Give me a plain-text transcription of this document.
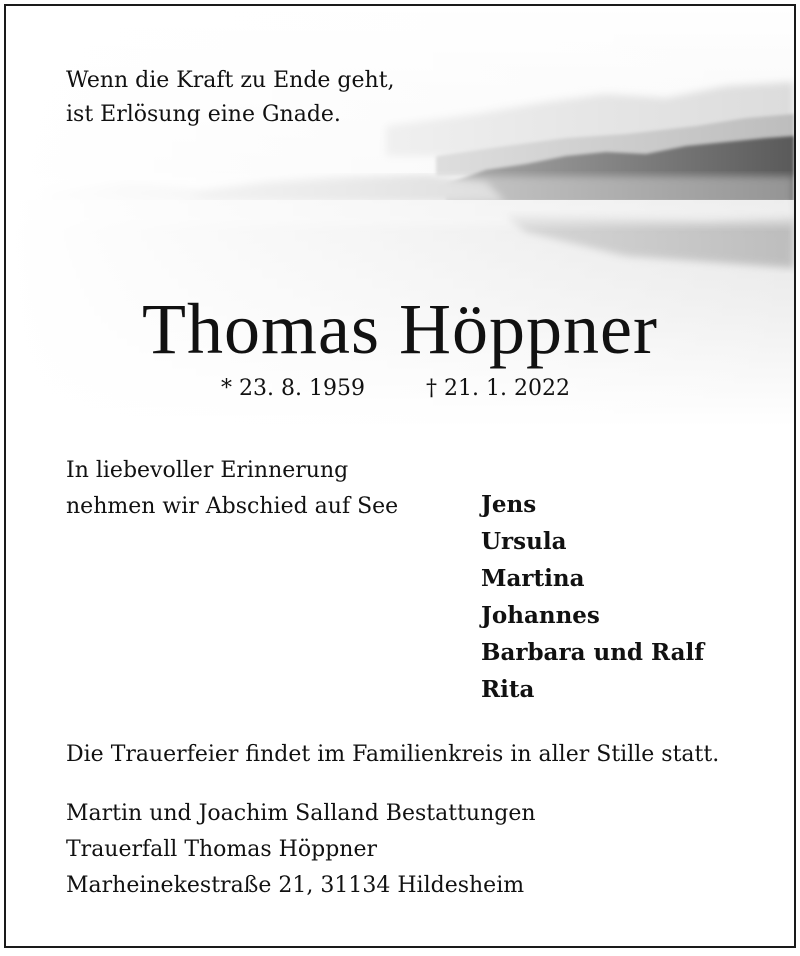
Wenn die Kraft zu Ende geht,
ist Erlösung eine Gnade.
Thomas Höppner
* 23. 8. 1959	† 21. 1. 2022
In liebevoller Erinnerung
nehmen wir Abschied auf See	Jens
Ursula
Martina
Johannes
Barbara und Ralf
Rita
Die Trauerfeier findet im Familienkreis in aller Stille statt.
Martin und Joachim Salland Bestattungen
Trauerfall Thomas Höppner
Marheinekestraße 21, 31134 Hildesheim
